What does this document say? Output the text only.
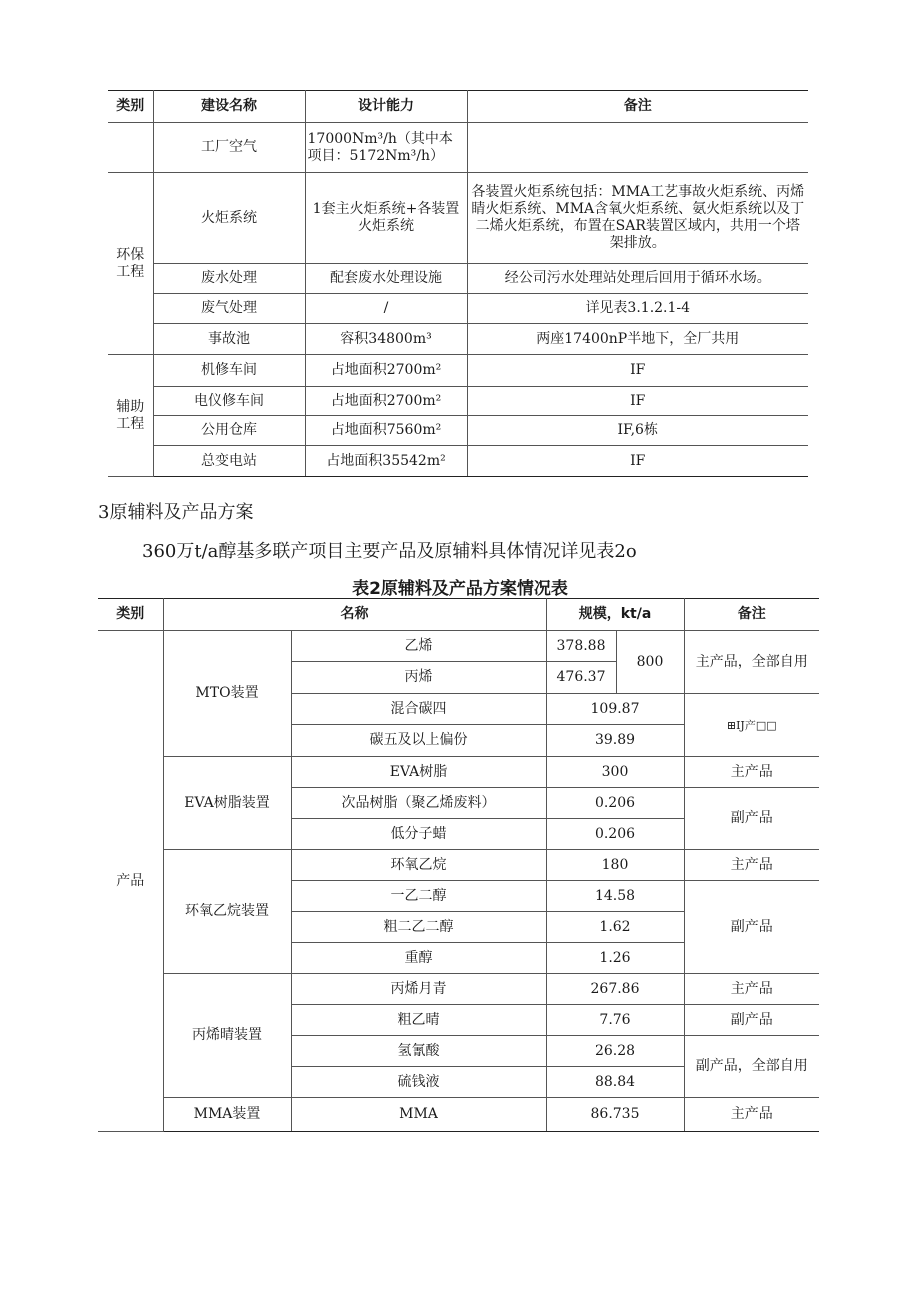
类别	建设名称	设计能力	备注
	工厂空气	17000Nm³/h（其中本项目：5172Nm³/h）	
环保工程	火炬系统	1套主火炬系统+各装置火炬系统	各装置火炬系统包括：MMA工艺事故火炬系统、丙烯睛火炬系统、MMA含氧火炬系统、氨火炬系统以及丁二烯火炬系统，布置在SAR装置区域内，共用一个塔架排放。
	废水处理	配套废水处理设施	经公司污水处理站处理后回用于循环水场。
	废气处理	/	详见表3.1.2.1-4
	事故池	容积34800m³	两座17400nP半地下，全厂共用
辅助工程	机修车间	占地面积2700m²	IF
	电仪修车间	占地面积2700m²	IF
	公用仓库	占地面积7560m²	IF,6栋
	总变电站	占地面积35542m²	IF
3原辅料及产品方案
360万t/a醇基多联产项目主要产品及原辅料具体情况详见表2o
表2原辅料及产品方案情况表
类别	名称		规模，kt/a		备注
产品	MTO装置	乙烯	378.88	800	主产品，全部自用
		丙烯	476.37		
		混合碳四	109.87		⊞IJ产□□
		碳五及以上偏份	39.89		
	EVA树脂装置	EVA树脂	300		主产品
		次品树脂（聚乙烯废料）	0.206		副产品
		低分子蜡	0.206		
	环氧乙烷装置	环氧乙烷	180		主产品
		一乙二醇	14.58		副产品
		粗二乙二醇	1.62		
		重醇	1.26		
	丙烯晴装置	丙烯月青	267.86		主产品
		粗乙晴	7.76		副产品
		氢氰酸	26.28		副产品，全部自用
		硫钱液	88.84		
	MMA装置	MMA	86.735		主产品
